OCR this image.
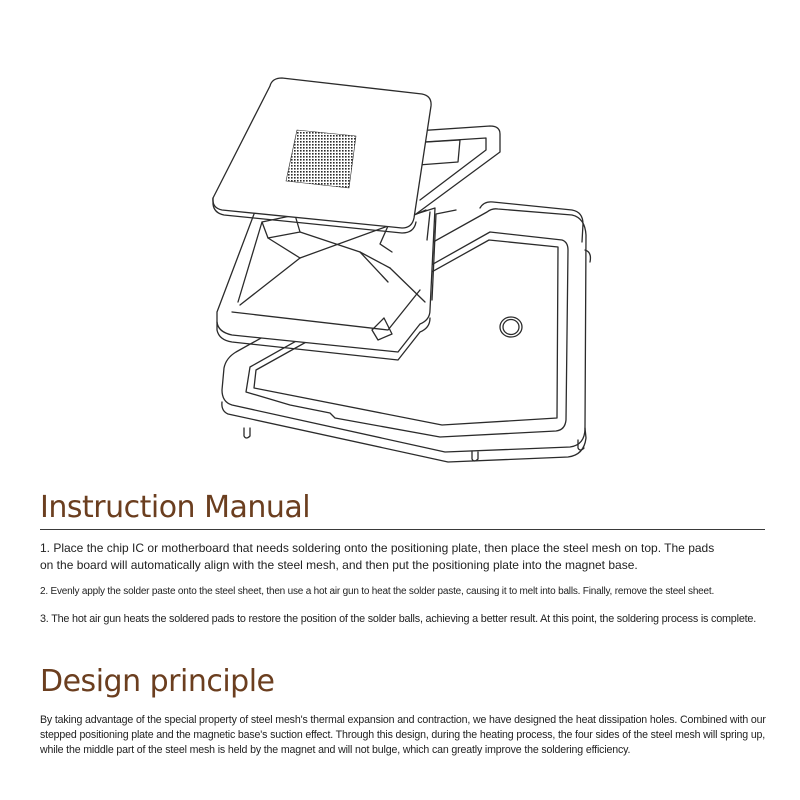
Instruction Manual

1. Place the chip IC or motherboard that needs soldering onto the positioning plate, then place the steel mesh on top. The pads on the board will automatically align with the steel mesh, and then put the positioning plate into the magnet base.

2. Evenly apply the solder paste onto the steel sheet, then use a hot air gun to heat the solder paste, causing it to melt into balls. Finally, remove the steel sheet.

3. The hot air gun heats the soldered pads to restore the position of the solder balls, achieving a better result. At this point, the soldering process is complete.

Design principle

By taking advantage of the special property of steel mesh's thermal expansion and contraction, we have designed the heat dissipation holes. Combined with our stepped positioning plate and the magnetic base's suction effect. Through this design, during the heating process, the four sides of the steel mesh will spring up, while the middle part of the steel mesh is held by the magnet and will not bulge, which can greatly improve the soldering efficiency.
